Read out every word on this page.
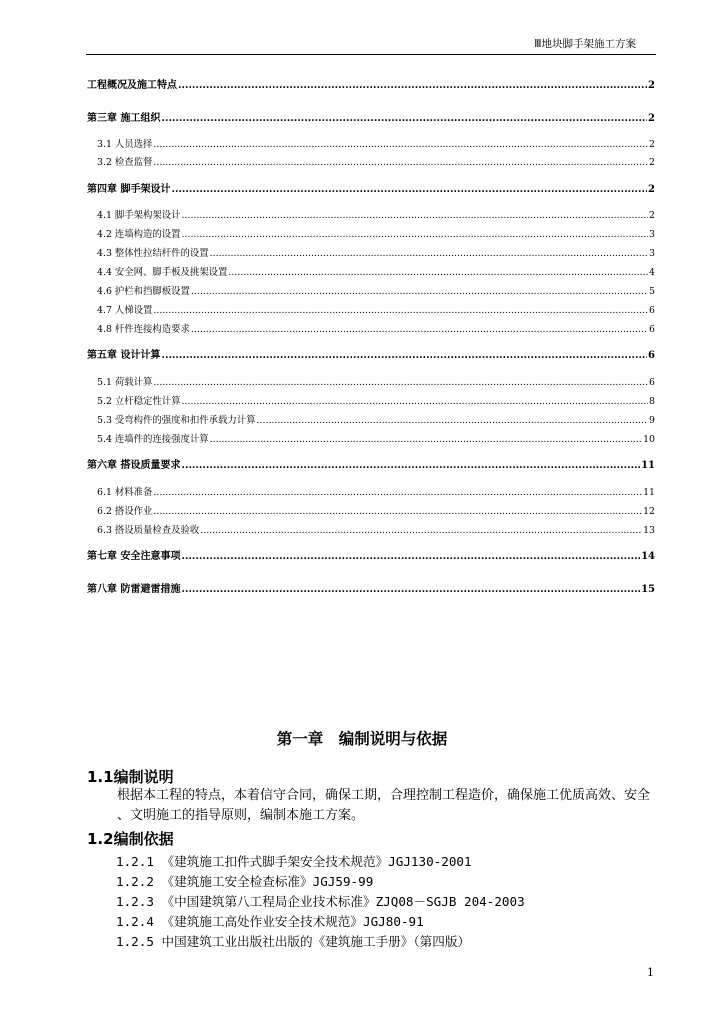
Ⅲ地块脚手架施工方案
工程概况及施工特点 .....	2
第三章 施工组织 .....	2
3.1 人员选择 .....	2
3.2 检查监督 .....	2
第四章 脚手架设计 .....	2
4.1 脚手架构架设计 .....	2
4.2 连墙构造的设置 .....	3
4.3 整体性拉结杆件的设置 .....	3
4.4 安全网、脚手板及挑架设置 .....	4
4.6 护栏和挡脚板设置 .....	5
4.7 人梯设置 .....	6
4.8 杆件连接构造要求 .....	6
第五章 设计计算 .....	6
5.1 荷载计算 .....	6
5.2 立杆稳定性计算 .....	8
5.3 受弯构件的强度和扣件承载力计算 .....	9
5.4 连墙件的连接强度计算 .....	10
第六章 搭设质量要求 .....	11
6.1 材料准备 .....	11
6.2 搭设作业 .....	12
6.3 搭设质量检查及验收 .....	13
第七章 安全注意事项 .....	14
第八章 防雷避雷措施 .....	15
第一章 编制说明与依据
1.1编制说明
根据本工程的特点，本着信守合同，确保工期，合理控制工程造价，确保施工优质高效、安全 、文明施工的指导原则，编制本施工方案。
1.2编制依据
1.2.1 《建筑施工扣件式脚手架安全技术规范》JGJ130-2001
1.2.2 《建筑施工安全检查标准》JGJ59-99
1.2.3 《中国建筑第八工程局企业技术标准》ZJQ08－SGJB 204-2003
1.2.4 《建筑施工高处作业安全技术规范》JGJ80-91
1.2.5 中国建筑工业出版社出版的《建筑施工手册》（第四版）
1
